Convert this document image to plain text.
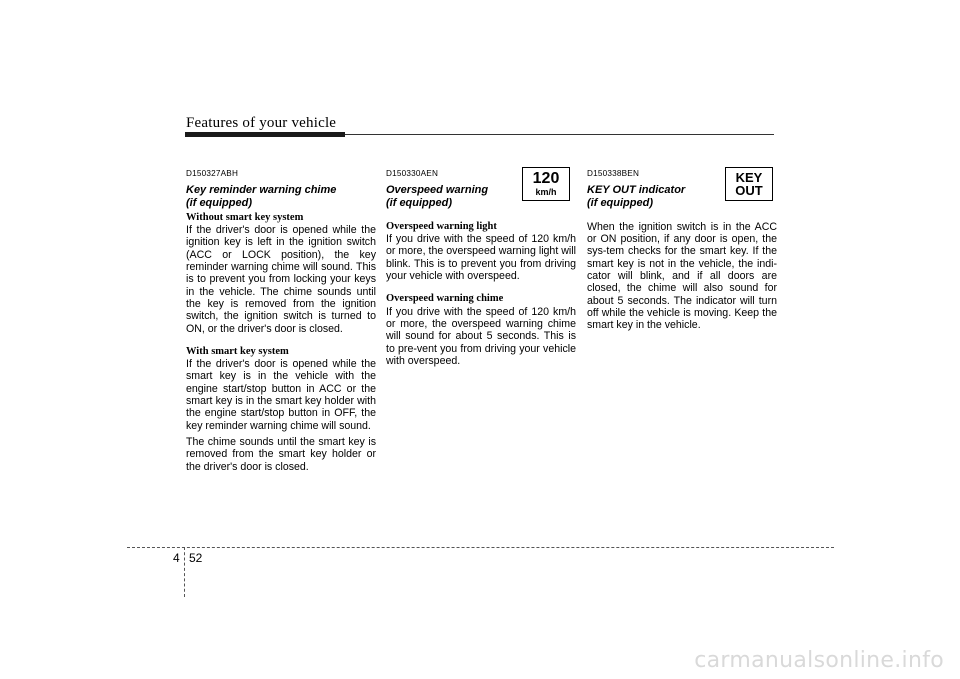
Features of your vehicle
D150327ABH
Key reminder warning chime
(if equipped)
Without smart key system
If the driver's door is opened while the ignition key is left in the ignition switch (ACC or LOCK position), the key reminder warning chime will sound. This is to prevent you from locking your keys in the vehicle. The chime sounds until the key is removed from the ignition switch, the ignition switch is turned to ON, or the driver's door is closed.
With smart key system
If the driver's door is opened while the smart key is in the vehicle with the engine start/stop button in ACC or the smart key is in the smart key holder with the engine start/stop button in OFF, the key reminder warning chime will sound.
The chime sounds until the smart key is removed from the smart key holder or the driver's door is closed.
D150330AEN
Overspeed warning
(if equipped)
Overspeed warning light
If you drive with the speed of 120 km/h or more, the overspeed warning light will blink. This is to prevent you from driving your vehicle with overspeed.
Overspeed warning chime
If you drive with the speed of 120 km/h or more, the overspeed warning chime will sound for about 5 seconds. This is to pre-vent you from driving your vehicle with overspeed.
120
km/h
D150338BEN
KEY OUT indicator
(if equipped)
When the ignition switch is in the ACC or ON position, if any door is open, the sys-tem checks for the smart key. If the smart key is not in the vehicle, the indi-cator will blink, and if all doors are closed, the chime will also sound for about 5 seconds. The indicator will turn off while the vehicle is moving. Keep the smart key in the vehicle.
KEY
OUT
4 52
carmanualsonline.info
